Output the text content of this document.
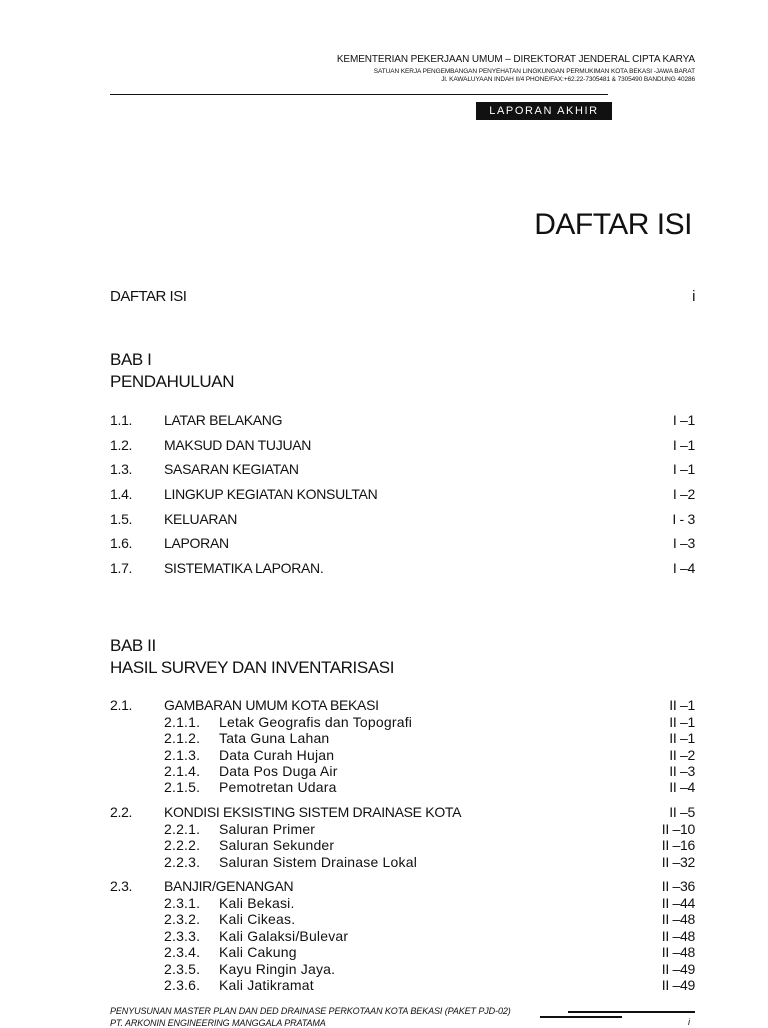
KEMENTERIAN PEKERJAAN UMUM – DIREKTORAT JENDERAL CIPTA KARYA
SATUAN KERJA PENGEMBANGAN PENYEHATAN LINGKUNGAN PERMUKIMAN KOTA BEKASI -JAWA BARAT
Jl. KAWALUYAAN INDAH II/4 PHONE/FAX:+62.22-7305481 & 7305490 BANDUNG 40286
LAPORAN AKHIR
DAFTAR ISI
DAFTAR ISI	i
BAB I
PENDAHULUAN
1.1. LATAR BELAKANG	I –1
1.2. MAKSUD DAN TUJUAN	I –1
1.3. SASARAN KEGIATAN	I –1
1.4. LINGKUP KEGIATAN KONSULTAN	I –2
1.5. KELUARAN	I - 3
1.6. LAPORAN	I –3
1.7. SISTEMATIKA LAPORAN.	I –4
BAB II
HASIL SURVEY DAN INVENTARISASI
2.1. GAMBARAN UMUM KOTA BEKASI	II –1
2.1.1. Letak Geografis dan Topografi	II –1
2.1.2. Tata Guna Lahan	II –1
2.1.3. Data Curah Hujan	II –2
2.1.4. Data Pos Duga Air	II –3
2.1.5. Pemotretan Udara	II –4
2.2. KONDISI EKSISTING SISTEM DRAINASE KOTA	II –5
2.2.1. Saluran Primer	II –10
2.2.2. Saluran Sekunder	II –16
2.2.3. Saluran Sistem Drainase Lokal	II –32
2.3. BANJIR/GENANGAN	II –36
2.3.1. Kali Bekasi.	II –44
2.3.2. Kali Cikeas.	II –48
2.3.3. Kali Galaksi/Bulevar	II –48
2.3.4. Kali Cakung	II –48
2.3.5. Kayu Ringin Jaya.	II –49
2.3.6. Kali Jatikramat	II –49
PENYUSUNAN MASTER PLAN DAN DED DRAINASE PERKOTAAN KOTA BEKASI (PAKET PJD-02)
PT. ARKONIN ENGINEERING MANGGALA PRATAMA	i
